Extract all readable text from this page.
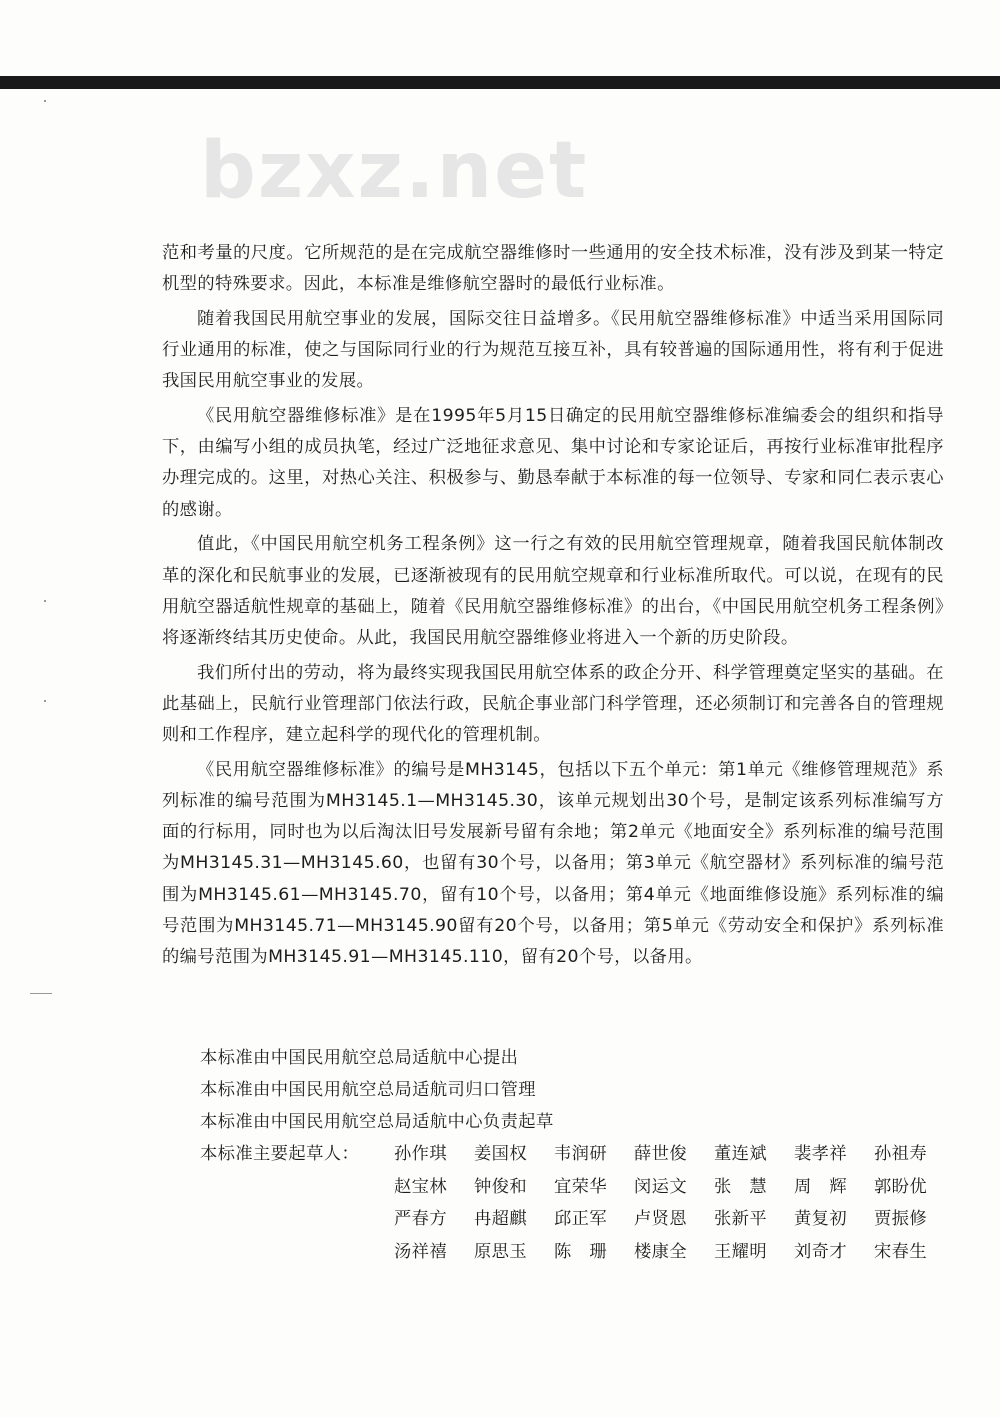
bzxz.net

范和考量的尺度。它所规范的是在完成航空器维修时一些通用的安全技术标准，没有涉及到某一特定机型的特殊要求。因此，本标准是维修航空器时的最低行业标准。

随着我国民用航空事业的发展，国际交往日益增多。《民用航空器维修标准》中适当采用国际同行业通用的标准，使之与国际同行业的行为规范互接互补，具有较普遍的国际通用性，将有利于促进我国民用航空事业的发展。

《民用航空器维修标准》是在1995年5月15日确定的民用航空器维修标准编委会的组织和指导下，由编写小组的成员执笔，经过广泛地征求意见、集中讨论和专家论证后，再按行业标准审批程序办理完成的。这里，对热心关注、积极参与、勤恳奉献于本标准的每一位领导、专家和同仁表示衷心的感谢。

值此，《中国民用航空机务工程条例》这一行之有效的民用航空管理规章，随着我国民航体制改革的深化和民航事业的发展，已逐渐被现有的民用航空规章和行业标准所取代。可以说，在现有的民用航空器适航性规章的基础上，随着《民用航空器维修标准》的出台，《中国民用航空机务工程条例》将逐渐终结其历史使命。从此，我国民用航空器维修业将进入一个新的历史阶段。

我们所付出的劳动，将为最终实现我国民用航空体系的政企分开、科学管理奠定坚实的基础。在此基础上，民航行业管理部门依法行政，民航企事业部门科学管理，还必须制订和完善各自的管理规则和工作程序，建立起科学的现代化的管理机制。

《民用航空器维修标准》的编号是MH3145，包括以下五个单元：第1单元《维修管理规范》系列标准的编号范围为MH3145.1—MH3145.30，该单元规划出30个号，是制定该系列标准编写方面的行标用，同时也为以后淘汰旧号发展新号留有余地；第2单元《地面安全》系列标准的编号范围为MH3145.31—MH3145.60，也留有30个号，以备用；第3单元《航空器材》系列标准的编号范围为MH3145.61—MH3145.70，留有10个号，以备用；第4单元《地面维修设施》系列标准的编号范围为MH3145.71—MH3145.90留有20个号，以备用；第5单元《劳动安全和保护》系列标准的编号范围为MH3145.91—MH3145.110，留有20个号，以备用。

本标准由中国民用航空总局适航中心提出
本标准由中国民用航空总局适航司归口管理
本标准由中国民用航空总局适航中心负责起草
本标准主要起草人： 孙作琪	姜国权	韦润研	薛世俊	董连斌	裴孝祥	孙祖寿
赵宝林	钟俊和	宜荣华	闵运文	张　慧	周　辉	郭盼优
严春方	冉超麒	邱正军	卢贤恩	张新平	黄复初	贾振修
汤祥禧	原思玉	陈　珊	楼康全	王耀明	刘奇才	宋春生
